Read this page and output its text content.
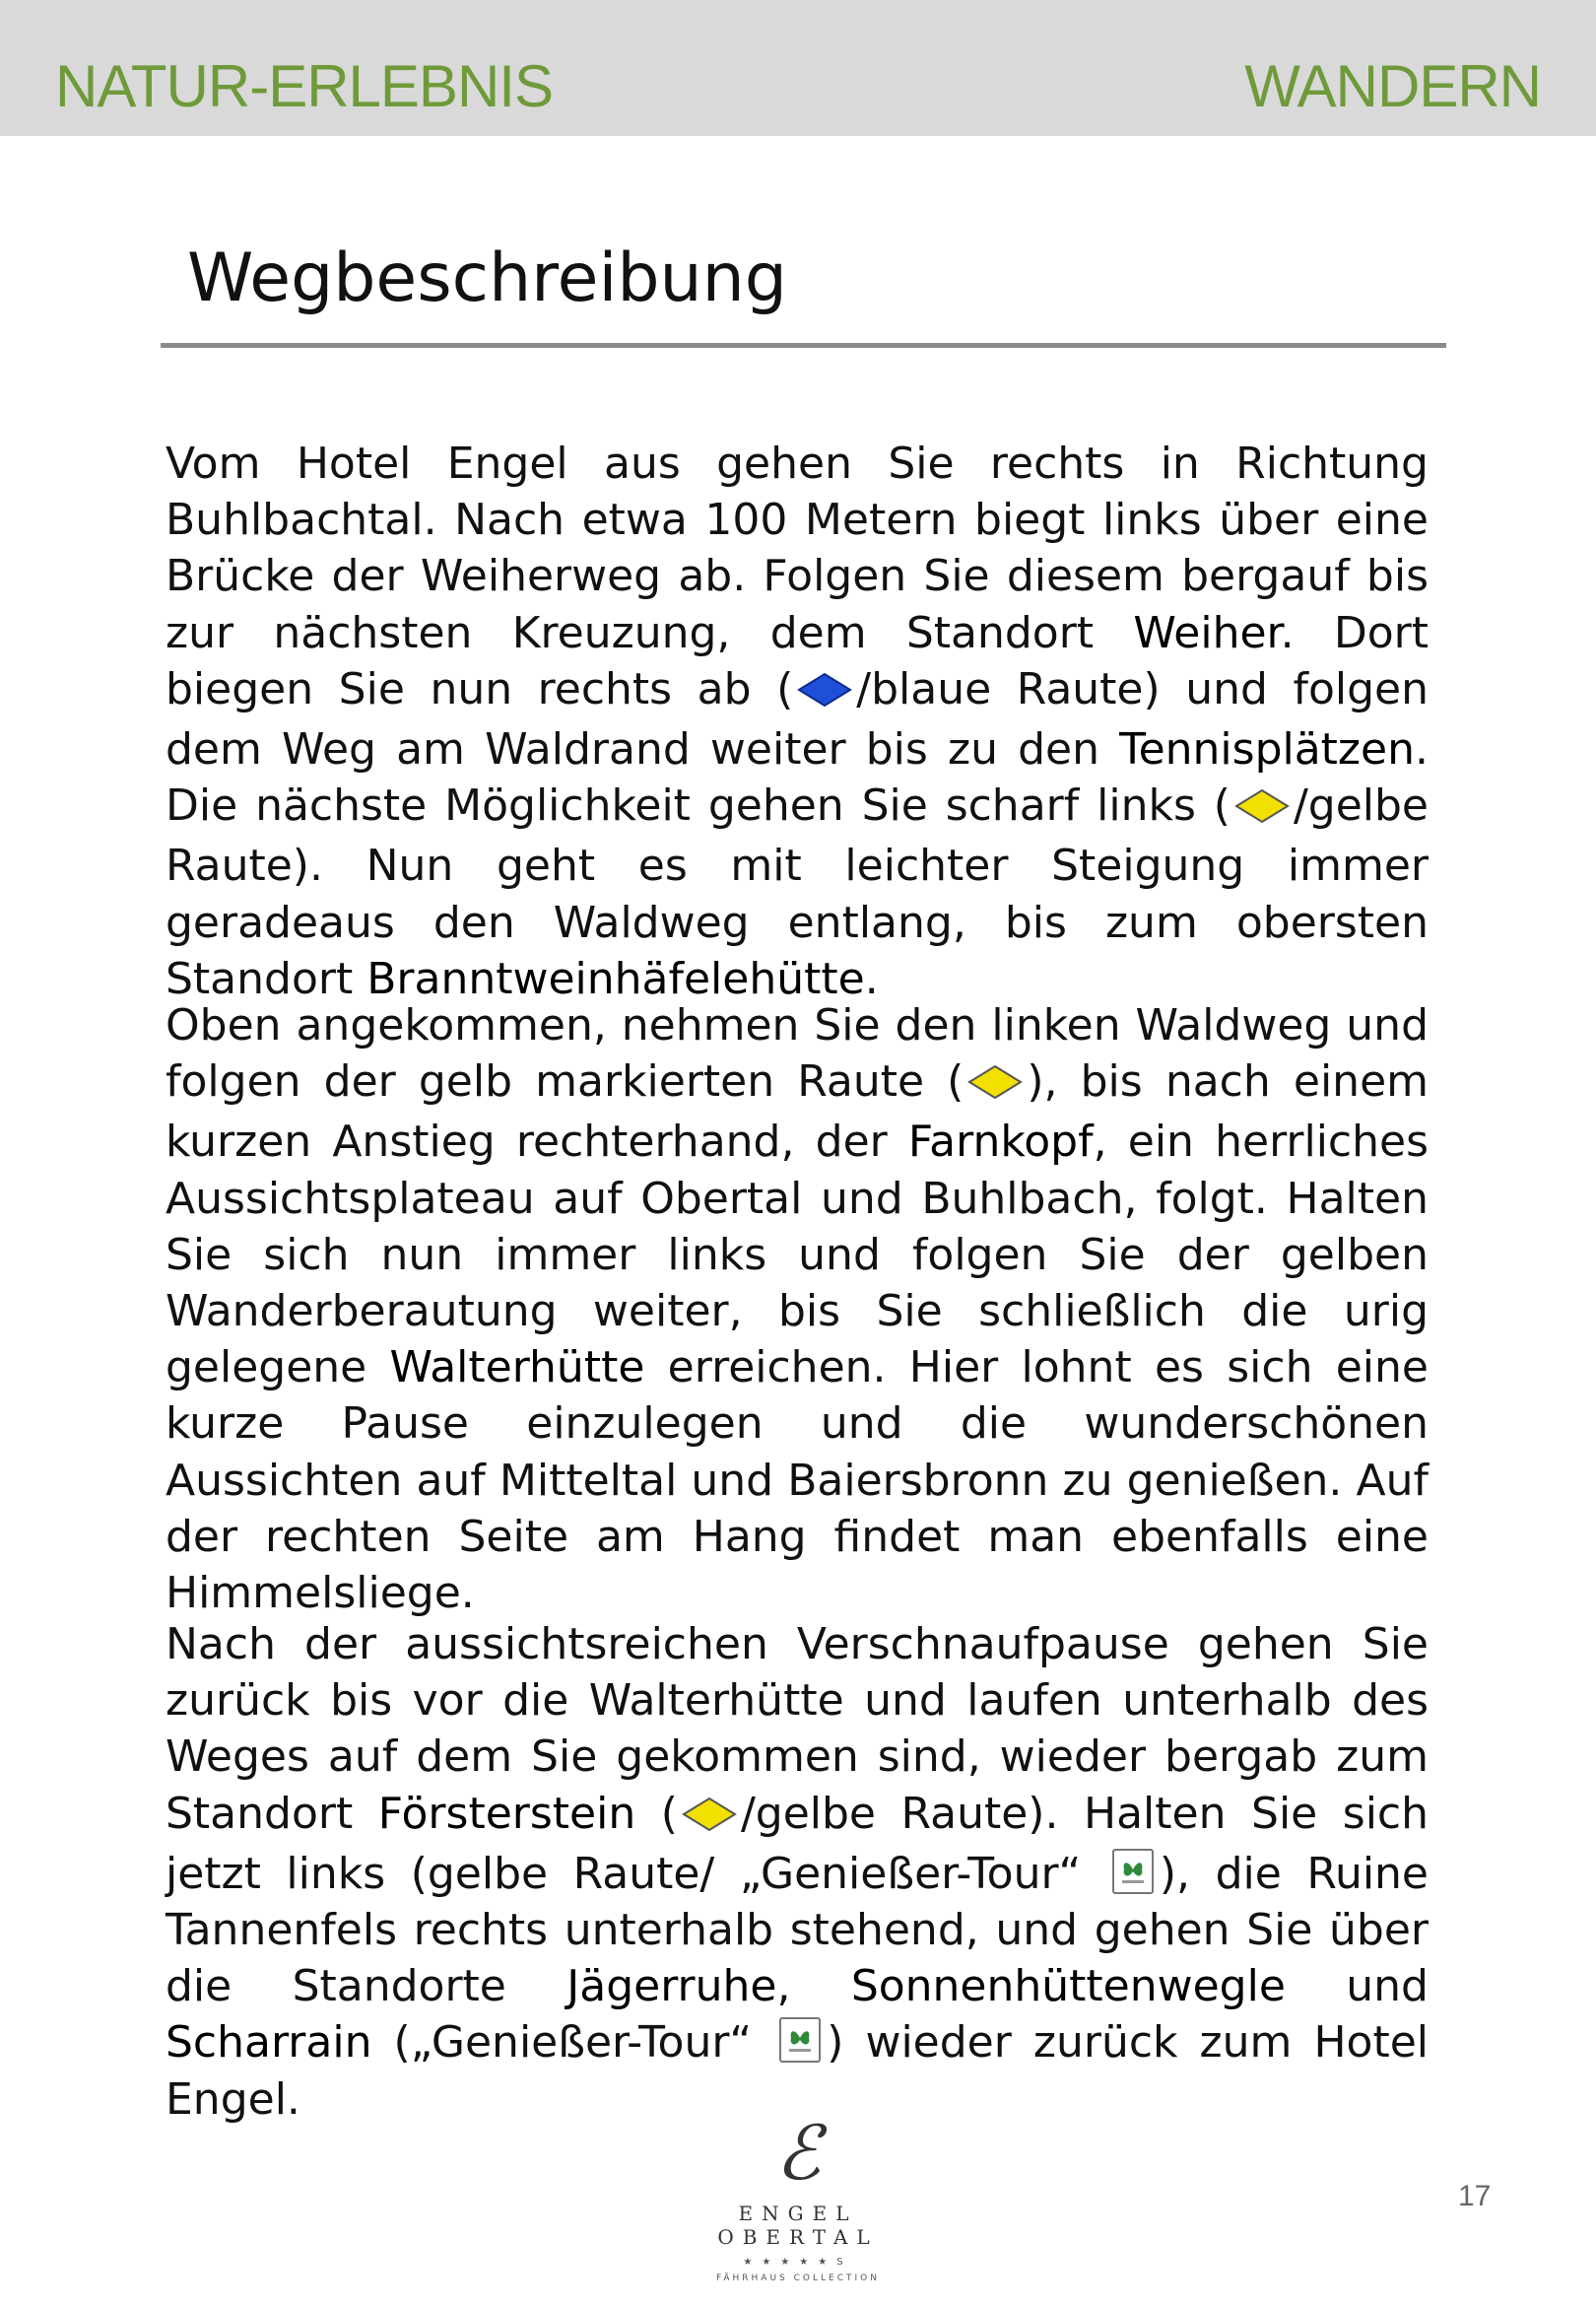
NATUR-ERLEBNIS	WANDERN
Wegbeschreibung
Vom Hotel Engel aus gehen Sie rechts in Richtung Buhlbachtal. Nach etwa 100 Metern biegt links über eine Brücke der Weiherweg ab. Folgen Sie diesem bergauf bis zur nächsten Kreuzung, dem Standort Weiher. Dort biegen Sie nun rechts ab ( /blaue Raute) und folgen dem Weg am Waldrand weiter bis zu den Tennisplätzen. Die nächste Möglichkeit gehen Sie scharf links ( /gelbe Raute). Nun geht es mit leichter Steigung immer geradeaus den Waldweg entlang, bis zum obersten Standort Branntweinhäfelehütte.
Oben angekommen, nehmen Sie den linken Waldweg und folgen der gelb markierten Raute ( ), bis nach einem kurzen Anstieg rechterhand, der Farnkopf, ein herrliches Aussichtsplateau auf Obertal und Buhlbach, folgt. Halten Sie sich nun immer links und folgen Sie der gelben Wanderberautung weiter, bis Sie schließlich die urig gelegene Walterhütte erreichen. Hier lohnt es sich eine kurze Pause einzulegen und die wunderschönen Aussichten auf Mitteltal und Baiersbronn zu genießen. Auf der rechten Seite am Hang findet man ebenfalls eine Himmelsliege.
Nach der aussichtsreichen Verschnaufpause gehen Sie zurück bis vor die Walterhütte und laufen unterhalb des Weges auf dem Sie gekommen sind, wieder bergab zum Standort Försterstein ( /gelbe Raute). Halten Sie sich jetzt links (gelbe Raute/ „Genießer-Tour“
), die Ruine Tannenfels rechts unterhalb stehend, und gehen Sie über die Standorte Jägerruhe, Sonnenhüttenwegle und Scharrain („Genießer-Tour“
) wieder zurück zum Hotel Engel.
ℰ
ENGEL OBERTAL
★★★★★S
FÄHRHAUS COLLECTION
17
